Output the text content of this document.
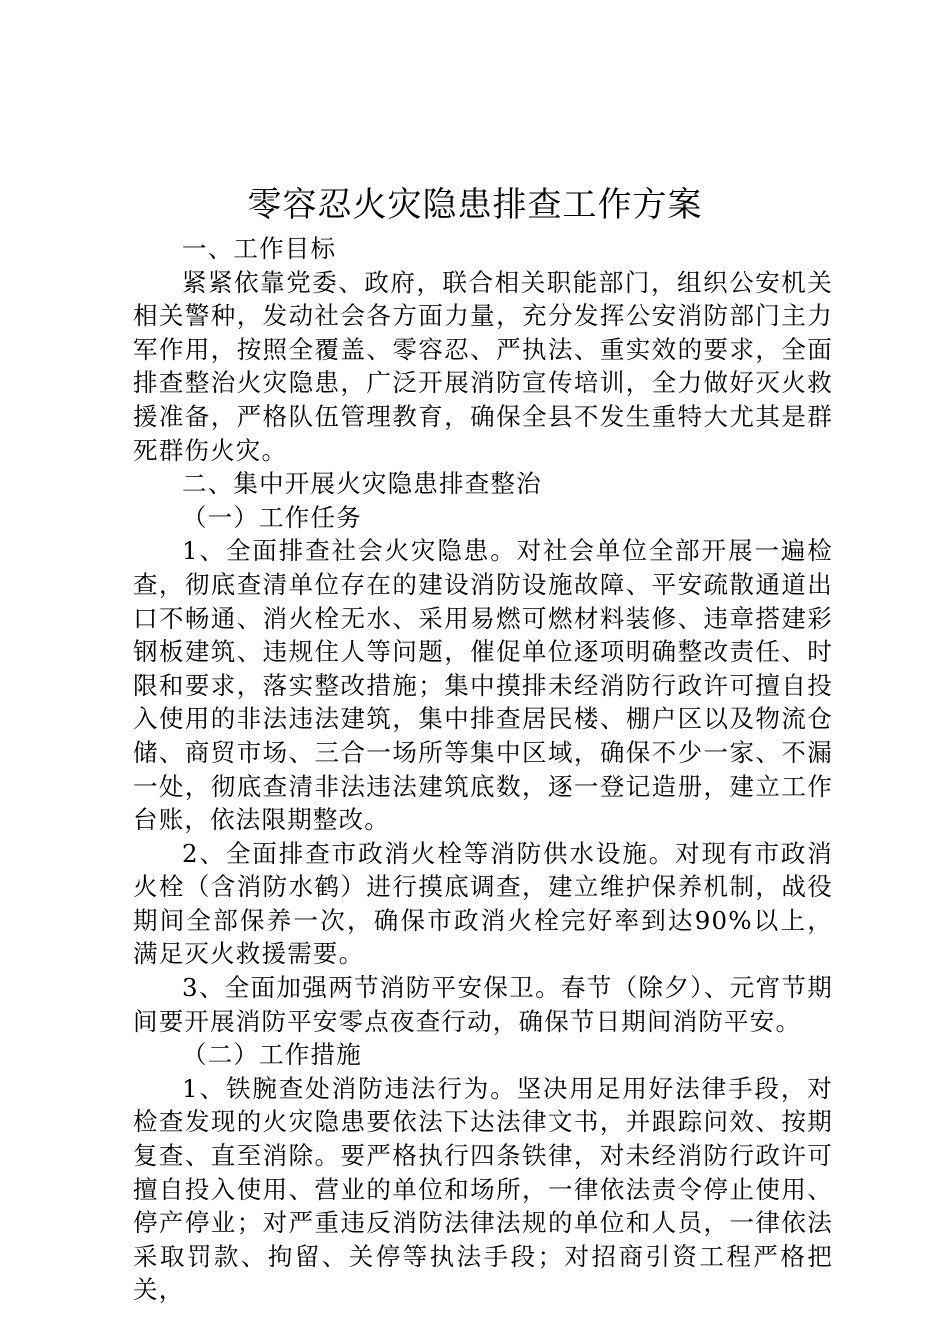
零容忍火灾隐患排查工作方案

一、工作目标

紧紧依靠党委、政府，联合相关职能部门，组织公安机关相关警种，发动社会各方面力量，充分发挥公安消防部门主力军作用，按照全覆盖、零容忍、严执法、重实效的要求，全面排查整治火灾隐患，广泛开展消防宣传培训，全力做好灭火救援准备，严格队伍管理教育，确保全县不发生重特大尤其是群死群伤火灾。

二、集中开展火灾隐患排查整治

（一）工作任务

1、全面排查社会火灾隐患。对社会单位全部开展一遍检查，彻底查清单位存在的建设消防设施故障、平安疏散通道出口不畅通、消火栓无水、采用易燃可燃材料装修、违章搭建彩钢板建筑、违规住人等问题，催促单位逐项明确整改责任、时限和要求，落实整改措施；集中摸排未经消防行政许可擅自投入使用的非法违法建筑，集中排查居民楼、棚户区以及物流仓储、商贸市场、三合一场所等集中区域，确保不少一家、不漏一处，彻底查清非法违法建筑底数，逐一登记造册，建立工作台账，依法限期整改。

2、全面排查市政消火栓等消防供水设施。对现有市政消火栓（含消防水鹤）进行摸底调查，建立维护保养机制，战役期间全部保养一次，确保市政消火栓完好率到达90%以上，满足灭火救援需要。

3、全面加强两节消防平安保卫。春节（除夕）、元宵节期间要开展消防平安零点夜查行动，确保节日期间消防平安。

（二）工作措施

1、铁腕查处消防违法行为。坚决用足用好法律手段，对检查发现的火灾隐患要依法下达法律文书，并跟踪问效、按期复查、直至消除。要严格执行四条铁律，对未经消防行政许可擅自投入使用、营业的单位和场所，一律依法责令停止使用、停产停业；对严重违反消防法律法规的单位和人员，一律依法采取罚款、拘留、关停等执法手段；对招商引资工程严格把关，
